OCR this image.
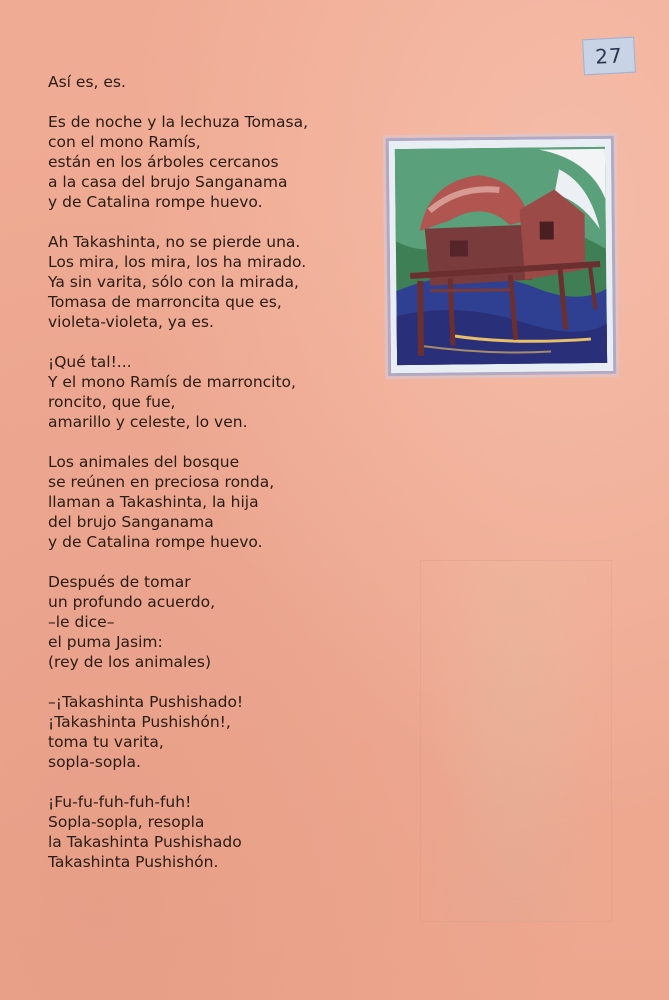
27
Así es, es.
Es de noche y la lechuza Tomasa,
con el mono Ramís,
están en los árboles cercanos
a la casa del brujo Sanganama
y de Catalina rompe huevo.
Ah Takashinta, no se pierde una.
Los mira, los mira, los ha mirado.
Ya sin varita, sólo con la mirada,
Tomasa de marroncita que es,
violeta-violeta, ya es.
¡Qué tal!...
Y el mono Ramís de marroncito,
roncito, que fue,
amarillo y celeste, lo ven.
Los animales del bosque
se reúnen en preciosa ronda,
llaman a Takashinta, la hija
del brujo Sanganama
y de Catalina rompe huevo.
Después de tomar
un profundo acuerdo,
–le dice–
el puma Jasim:
(rey de los animales)
–¡Takashinta Pushishado!
¡Takashinta Pushishón!,
toma tu varita,
sopla-sopla.
¡Fu-fu-fuh-fuh-fuh!
Sopla-sopla, resopla
la Takashinta Pushishado
Takashinta Pushishón.
